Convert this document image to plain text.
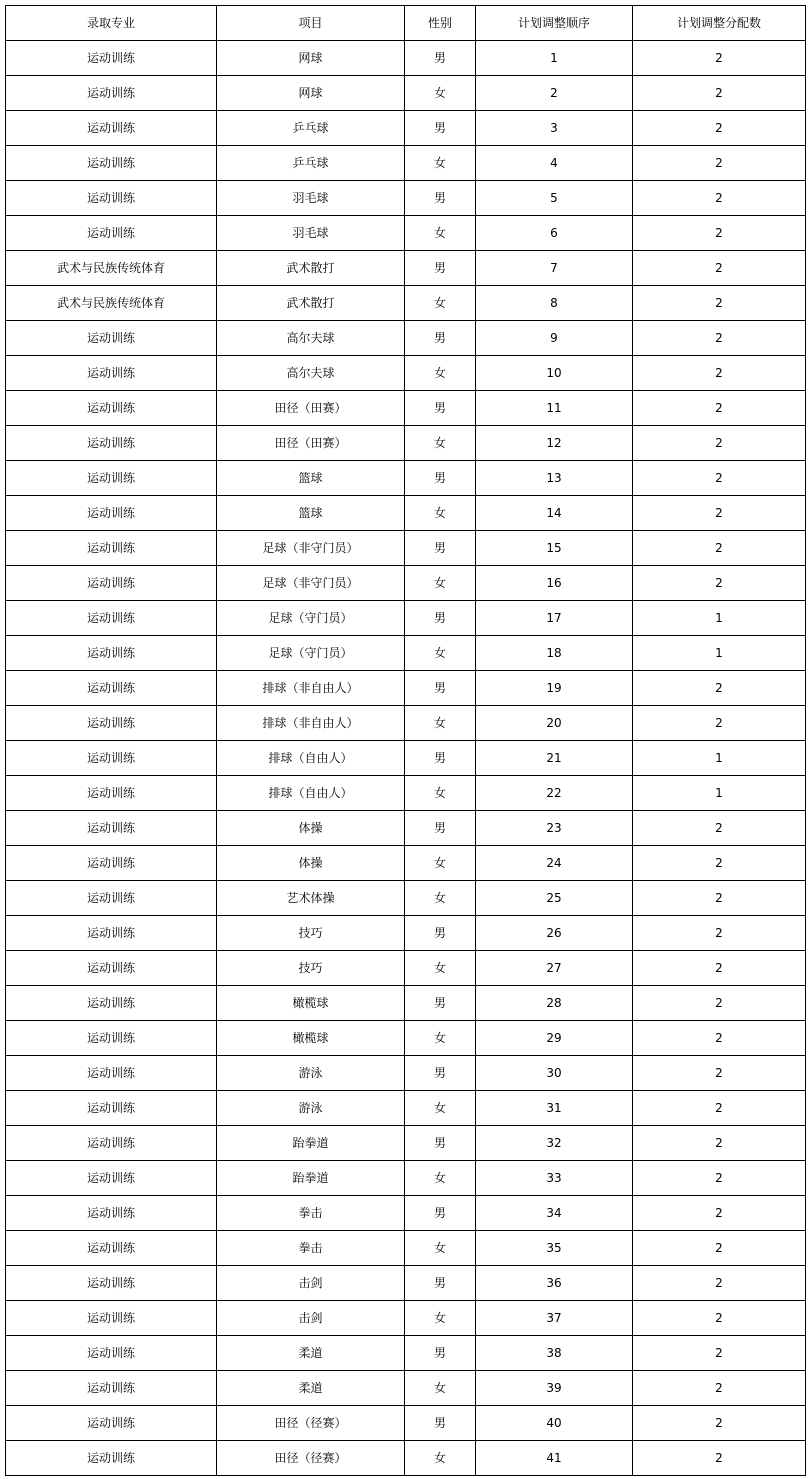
录取专业	项目	性别	计划调整顺序	计划调整分配数
运动训练	网球	男	1	2
运动训练	网球	女	2	2
运动训练	乒乓球	男	3	2
运动训练	乒乓球	女	4	2
运动训练	羽毛球	男	5	2
运动训练	羽毛球	女	6	2
武术与民族传统体育	武术散打	男	7	2
武术与民族传统体育	武术散打	女	8	2
运动训练	高尔夫球	男	9	2
运动训练	高尔夫球	女	10	2
运动训练	田径（田赛）	男	11	2
运动训练	田径（田赛）	女	12	2
运动训练	篮球	男	13	2
运动训练	篮球	女	14	2
运动训练	足球（非守门员）	男	15	2
运动训练	足球（非守门员）	女	16	2
运动训练	足球（守门员）	男	17	1
运动训练	足球（守门员）	女	18	1
运动训练	排球（非自由人）	男	19	2
运动训练	排球（非自由人）	女	20	2
运动训练	排球（自由人）	男	21	1
运动训练	排球（自由人）	女	22	1
运动训练	体操	男	23	2
运动训练	体操	女	24	2
运动训练	艺术体操	女	25	2
运动训练	技巧	男	26	2
运动训练	技巧	女	27	2
运动训练	橄榄球	男	28	2
运动训练	橄榄球	女	29	2
运动训练	游泳	男	30	2
运动训练	游泳	女	31	2
运动训练	跆拳道	男	32	2
运动训练	跆拳道	女	33	2
运动训练	拳击	男	34	2
运动训练	拳击	女	35	2
运动训练	击剑	男	36	2
运动训练	击剑	女	37	2
运动训练	柔道	男	38	2
运动训练	柔道	女	39	2
运动训练	田径（径赛）	男	40	2
运动训练	田径（径赛）	女	41	2
